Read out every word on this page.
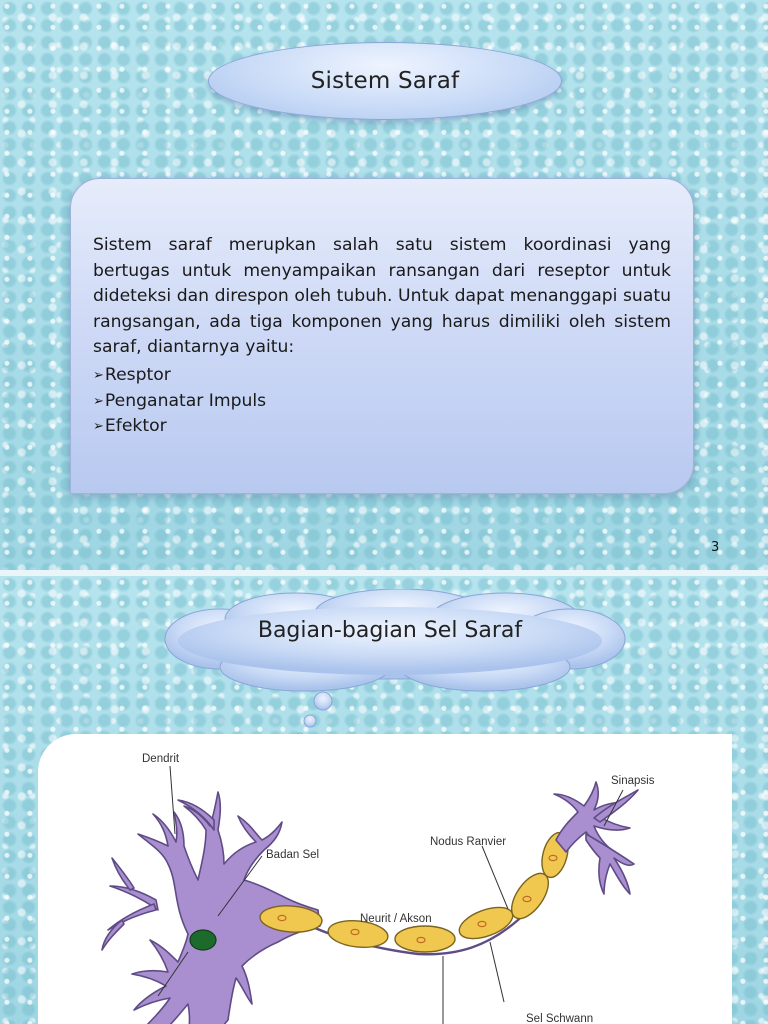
Sistem Saraf

Sistem saraf merupkan salah satu sistem koordinasi yang bertugas untuk menyampaikan ransangan dari reseptor untuk dideteksi dan direspon oleh tubuh. Untuk dapat menanggapi suatu rangsangan, ada tiga komponen yang harus dimiliki oleh sistem saraf, diantarnya yaitu:

➢ Resptor
➢ Penganatar Impuls
➢ Efektor
3
Bagian-bagian Sel Saraf
Dendrit
Badan Sel
Sinapsis
Nodus Ranvier
Neurit / Akson
Sel Schwann
